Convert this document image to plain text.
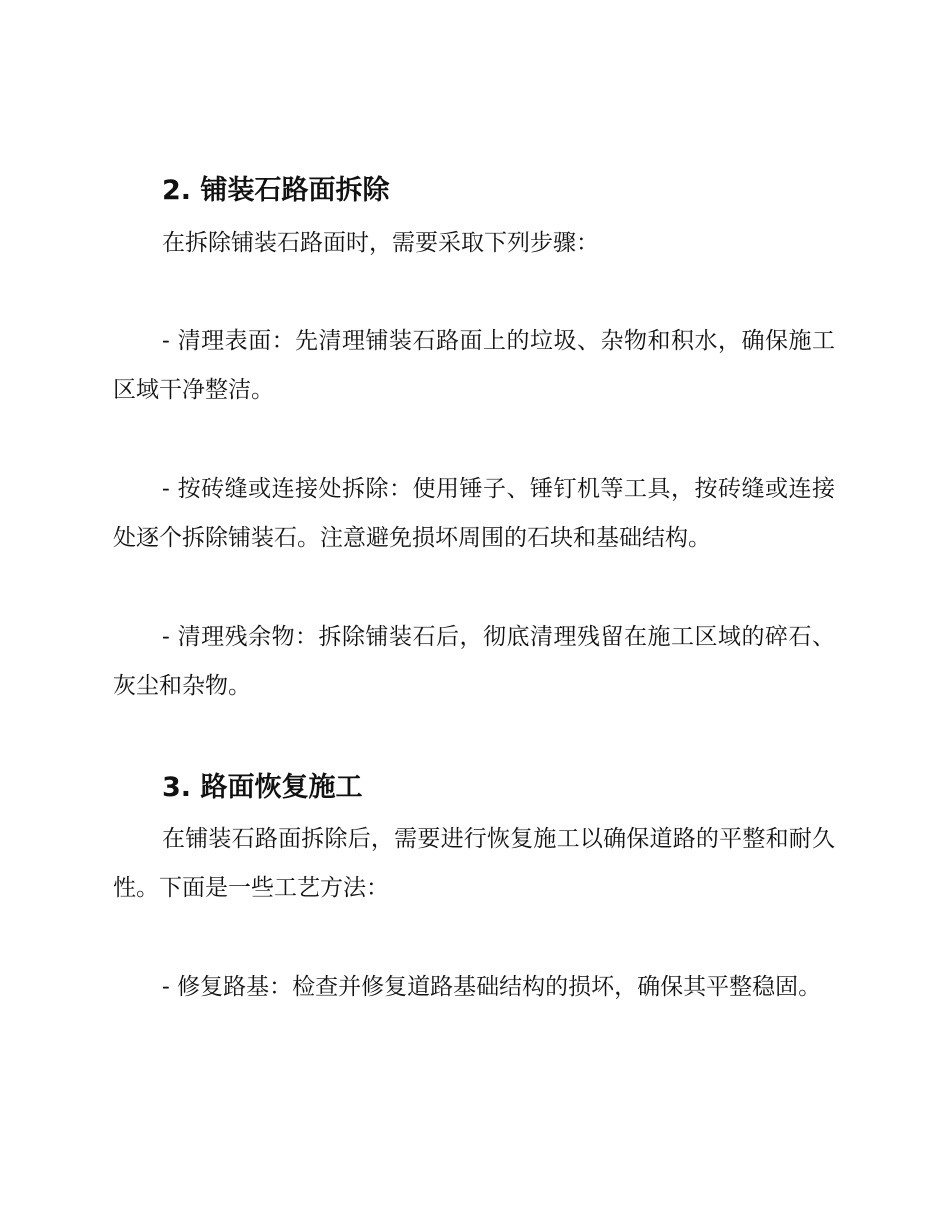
2. 铺装石路面拆除

在拆除铺装石路面时，需要采取下列步骤：

- 清理表面：先清理铺装石路面上的垃圾、杂物和积水，确保施工区域干净整洁。

- 按砖缝或连接处拆除：使用锤子、锤钉机等工具，按砖缝或连接处逐个拆除铺装石。注意避免损坏周围的石块和基础结构。

- 清理残余物：拆除铺装石后，彻底清理残留在施工区域的碎石、灰尘和杂物。

3. 路面恢复施工

在铺装石路面拆除后，需要进行恢复施工以确保道路的平整和耐久性。下面是一些工艺方法：

- 修复路基：检查并修复道路基础结构的损坏，确保其平整稳固。
